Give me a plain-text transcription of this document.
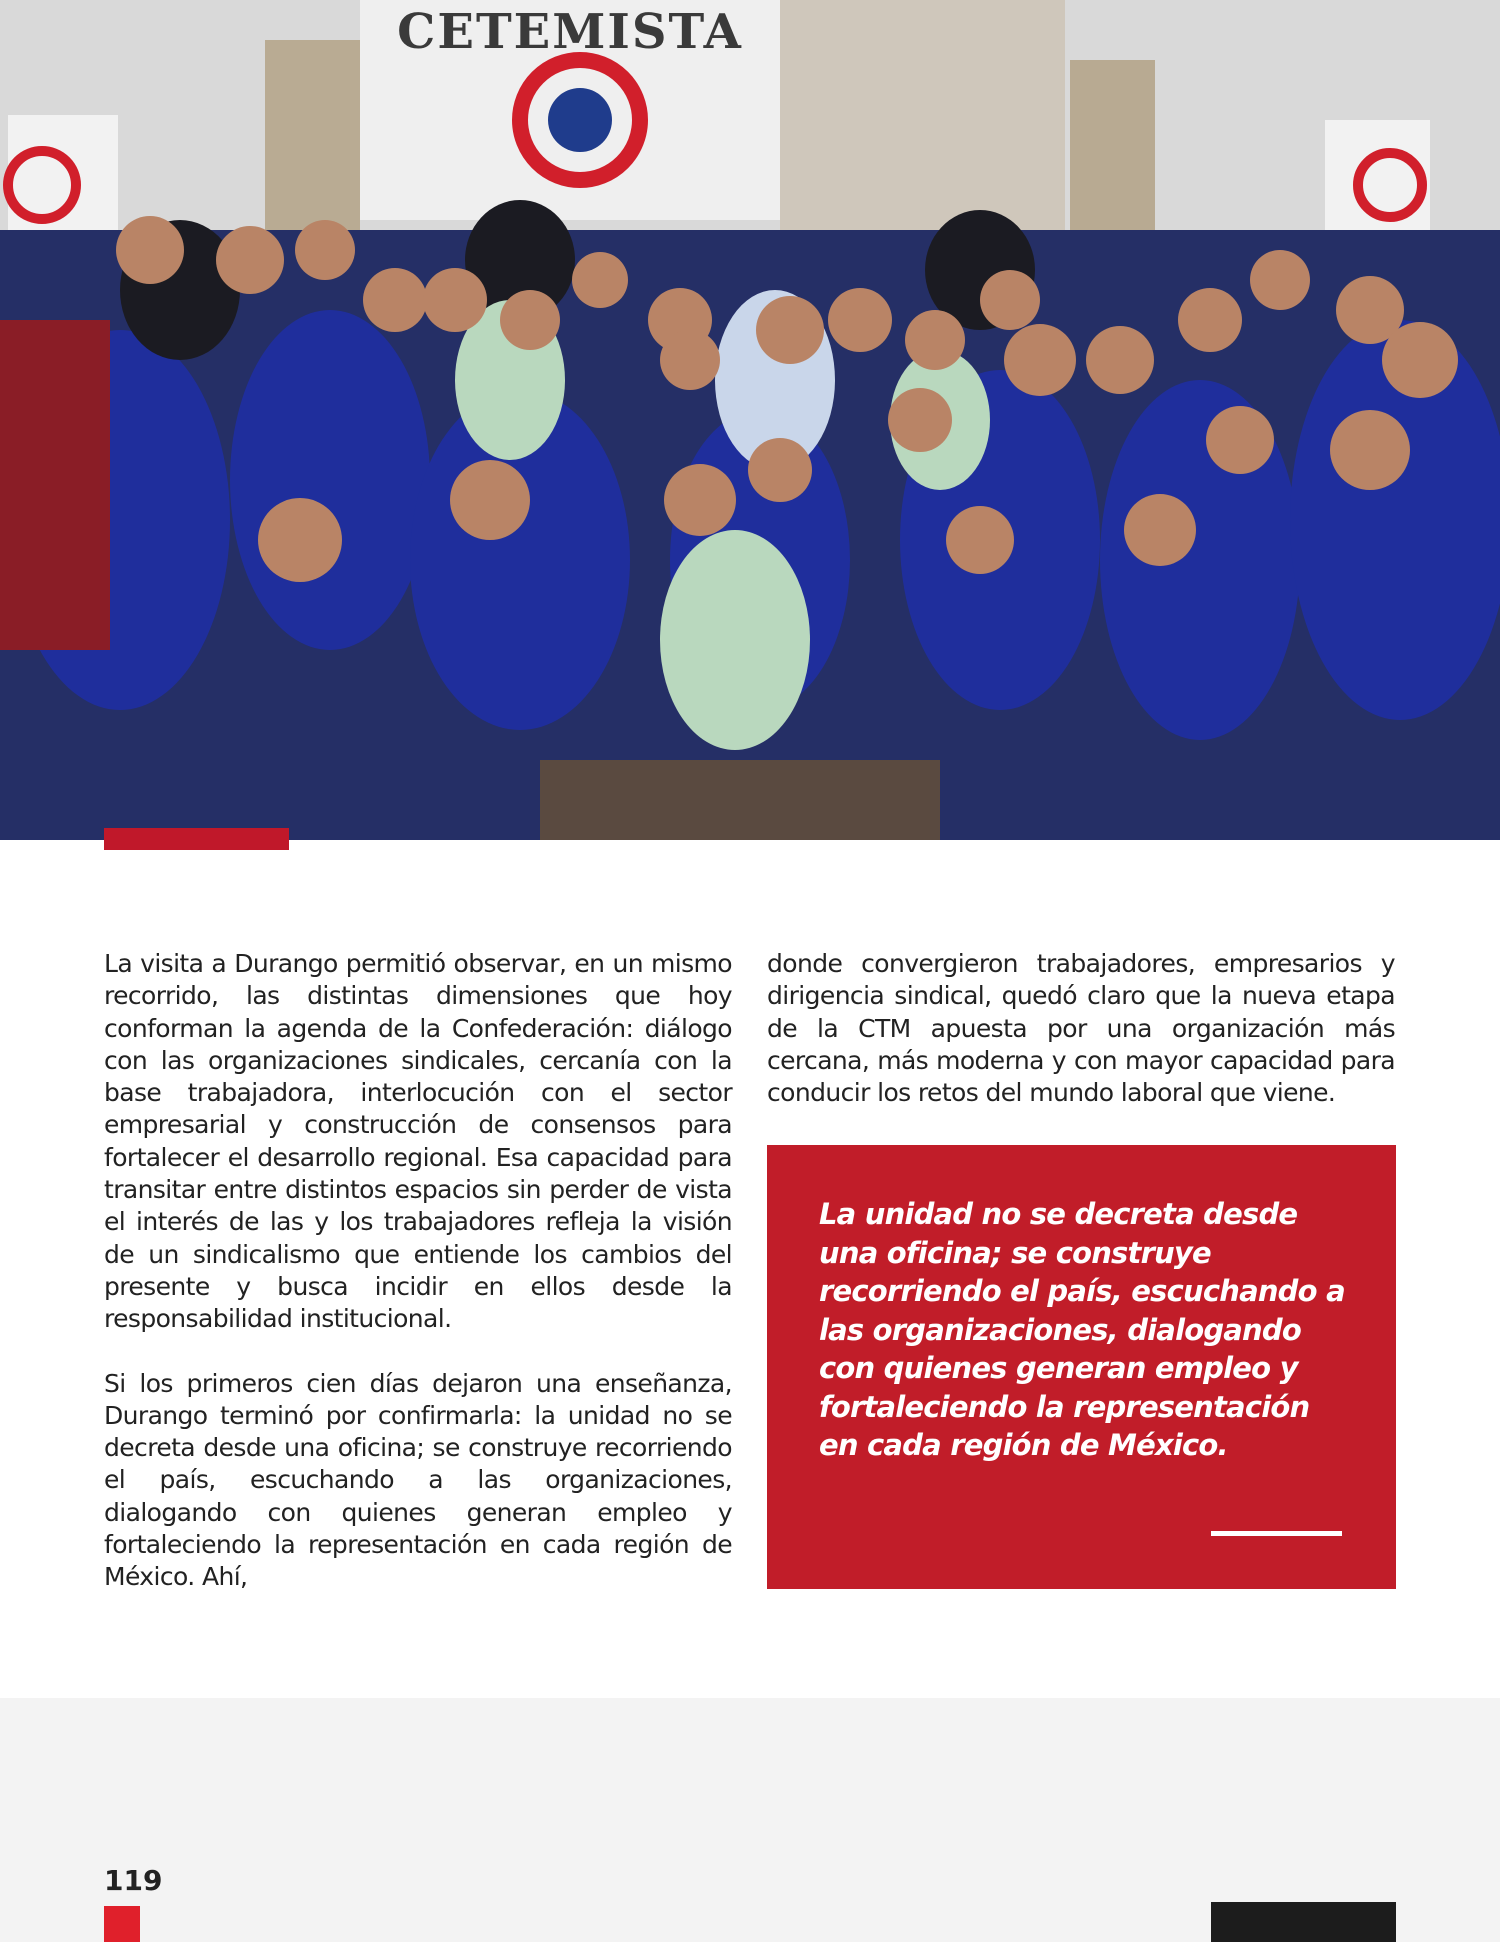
CETEMISTA

La visita a Durango permitió observar, en un mismo recorrido, las distintas dimensiones que hoy conforman la agenda de la Confederación: diálogo con las organizaciones sindicales, cercanía con la base trabajadora, interlocución con el sector empresarial y construcción de consensos para fortalecer el desarrollo regional. Esa capacidad para transitar entre distintos espacios sin perder de vista el interés de las y los trabajadores refleja la visión de un sindicalismo que entiende los cambios del presente y busca incidir en ellos desde la responsabilidad institucional.

Si los primeros cien días dejaron una enseñanza, Durango terminó por confirmarla: la unidad no se decreta desde una oficina; se construye recorriendo el país, escuchando a las organizaciones, dialogando con quienes generan empleo y fortaleciendo la representación en cada región de México. Ahí,

donde convergieron trabajadores, empresarios y dirigencia sindical, quedó claro que la nueva etapa de la CTM apuesta por una organización más cercana, más moderna y con mayor capacidad para conducir los retos del mundo laboral que viene.

La unidad no se decreta desde una oficina; se construye recorriendo el país, escuchando a las organizaciones, dialogando con quienes generan empleo y fortaleciendo la representación en cada región de México.
119
